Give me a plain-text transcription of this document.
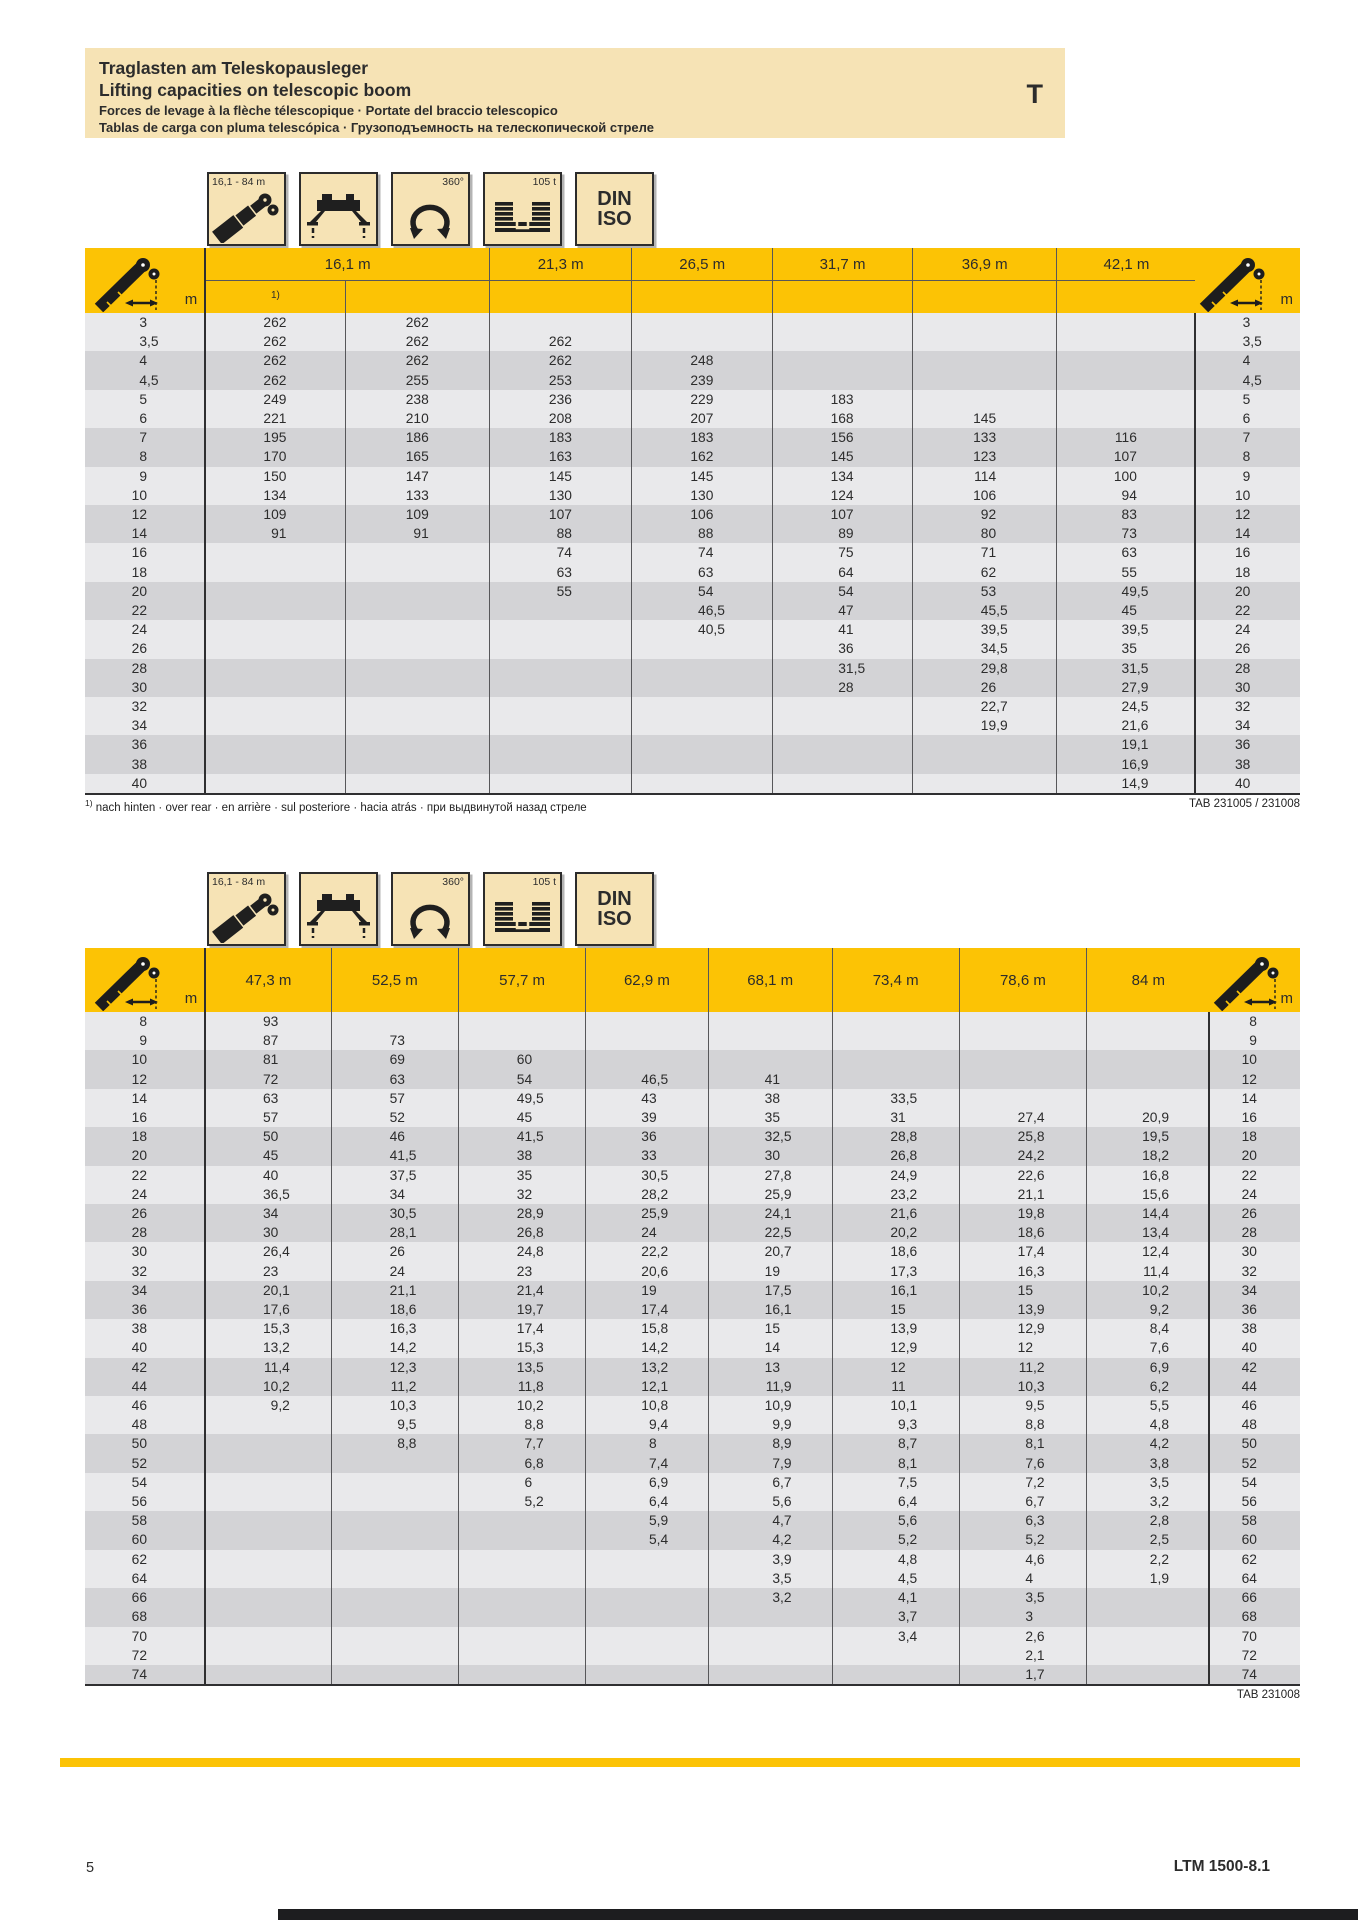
Traglasten am Teleskopausleger
Lifting capacities on telescopic boom
Forces de levage à la flèche télescopique · Portate del braccio telescopico
Tablas de carga con pluma telescópica · Грузоподъемность на телескопической стреле
T
16,1 - 84 m	360°	105 t
DIN
ISO
m	16,1 m		21,3 m	26,5 m	31,7 m	36,9 m	42,1 m	m

	1)							

3	262	262						3

3 ,5	262	262	262					3 ,5

4	262	262	262	248				4

4 ,5	262	255	253	239				4 ,5

5	249	238	236	229	183			5

6	221	210	208	207	168	145		6

7	195	186	183	183	156	133	116	7

8	170	165	163	162	145	123	107	8

9	150	147	145	145	134	114	100	9

10	134	133	130	130	124	106	94	10

12	109	109	107	106	107	92	83	12

14	91	91	88	88	89	80	73	14

16			74	74	75	71	63	16

18			63	63	64	62	55	18

20			55	54	54	53	49 ,5	20

22				46 ,5	47	45 ,5	45	22

24				40 ,5	41	39 ,5	39 ,5	24

26					36	34 ,5	35	26

28					31 ,5	29 ,8	31 ,5	28

30					28	26	27 ,9	30

32						22 ,7	24 ,5	32

34						19 ,9	21 ,6	34

36							19 ,1	36

38							16 ,9	38

40							14 ,9	40
$^{1)}$ nach hinten · over rear · en arrière · sul posteriore · hacia atrás · при выдвинутой назад стреле	TAB 231005 / 231008
16,1 - 84 m	360°	105 t
DIN
ISO
m	47,3 m	52,5 m	57,7 m	62,9 m	68,1 m	73,4 m	78,6 m	84 m	m

8	93								8

9	87	73							9

10	81	69	60						10

12	72	63	54	46 ,5	41				12

14	63	57	49 ,5	43	38	33 ,5			14

16	57	52	45	39	35	31	27 ,4	20 ,9	16

18	50	46	41 ,5	36	32 ,5	28 ,8	25 ,8	19 ,5	18

20	45	41 ,5	38	33	30	26 ,8	24 ,2	18 ,2	20

22	40	37 ,5	35	30 ,5	27 ,8	24 ,9	22 ,6	16 ,8	22

24	36 ,5	34	32	28 ,2	25 ,9	23 ,2	21 ,1	15 ,6	24

26	34	30 ,5	28 ,9	25 ,9	24 ,1	21 ,6	19 ,8	14 ,4	26

28	30	28 ,1	26 ,8	24	22 ,5	20 ,2	18 ,6	13 ,4	28

30	26 ,4	26	24 ,8	22 ,2	20 ,7	18 ,6	17 ,4	12 ,4	30

32	23	24	23	20 ,6	19	17 ,3	16 ,3	11 ,4	32

34	20 ,1	21 ,1	21 ,4	19	17 ,5	16 ,1	15	10 ,2	34

36	17 ,6	18 ,6	19 ,7	17 ,4	16 ,1	15	13 ,9	9 ,2	36

38	15 ,3	16 ,3	17 ,4	15 ,8	15	13 ,9	12 ,9	8 ,4	38

40	13 ,2	14 ,2	15 ,3	14 ,2	14	12 ,9	12	7 ,6	40

42	11 ,4	12 ,3	13 ,5	13 ,2	13	12	11 ,2	6 ,9	42

44	10 ,2	11 ,2	11 ,8	12 ,1	11 ,9	11	10 ,3	6 ,2	44

46	9 ,2	10 ,3	10 ,2	10 ,8	10 ,9	10 ,1	9 ,5	5 ,5	46

48		9 ,5	8 ,8	9 ,4	9 ,9	9 ,3	8 ,8	4 ,8	48

50		8 ,8	7 ,7	8	8 ,9	8 ,7	8 ,1	4 ,2	50

52			6 ,8	7 ,4	7 ,9	8 ,1	7 ,6	3 ,8	52

54			6	6 ,9	6 ,7	7 ,5	7 ,2	3 ,5	54

56			5 ,2	6 ,4	5 ,6	6 ,4	6 ,7	3 ,2	56

58				5 ,9	4 ,7	5 ,6	6 ,3	2 ,8	58

60				5 ,4	4 ,2	5 ,2	5 ,2	2 ,5	60

62					3 ,9	4 ,8	4 ,6	2 ,2	62

64					3 ,5	4 ,5	4	1 ,9	64

66					3 ,2	4 ,1	3 ,5		66

68						3 ,7	3		68

70						3 ,4	2 ,6		70

72							2 ,1		72

74							1 ,7		74
TAB 231008
5	LTM 1500-8.1
